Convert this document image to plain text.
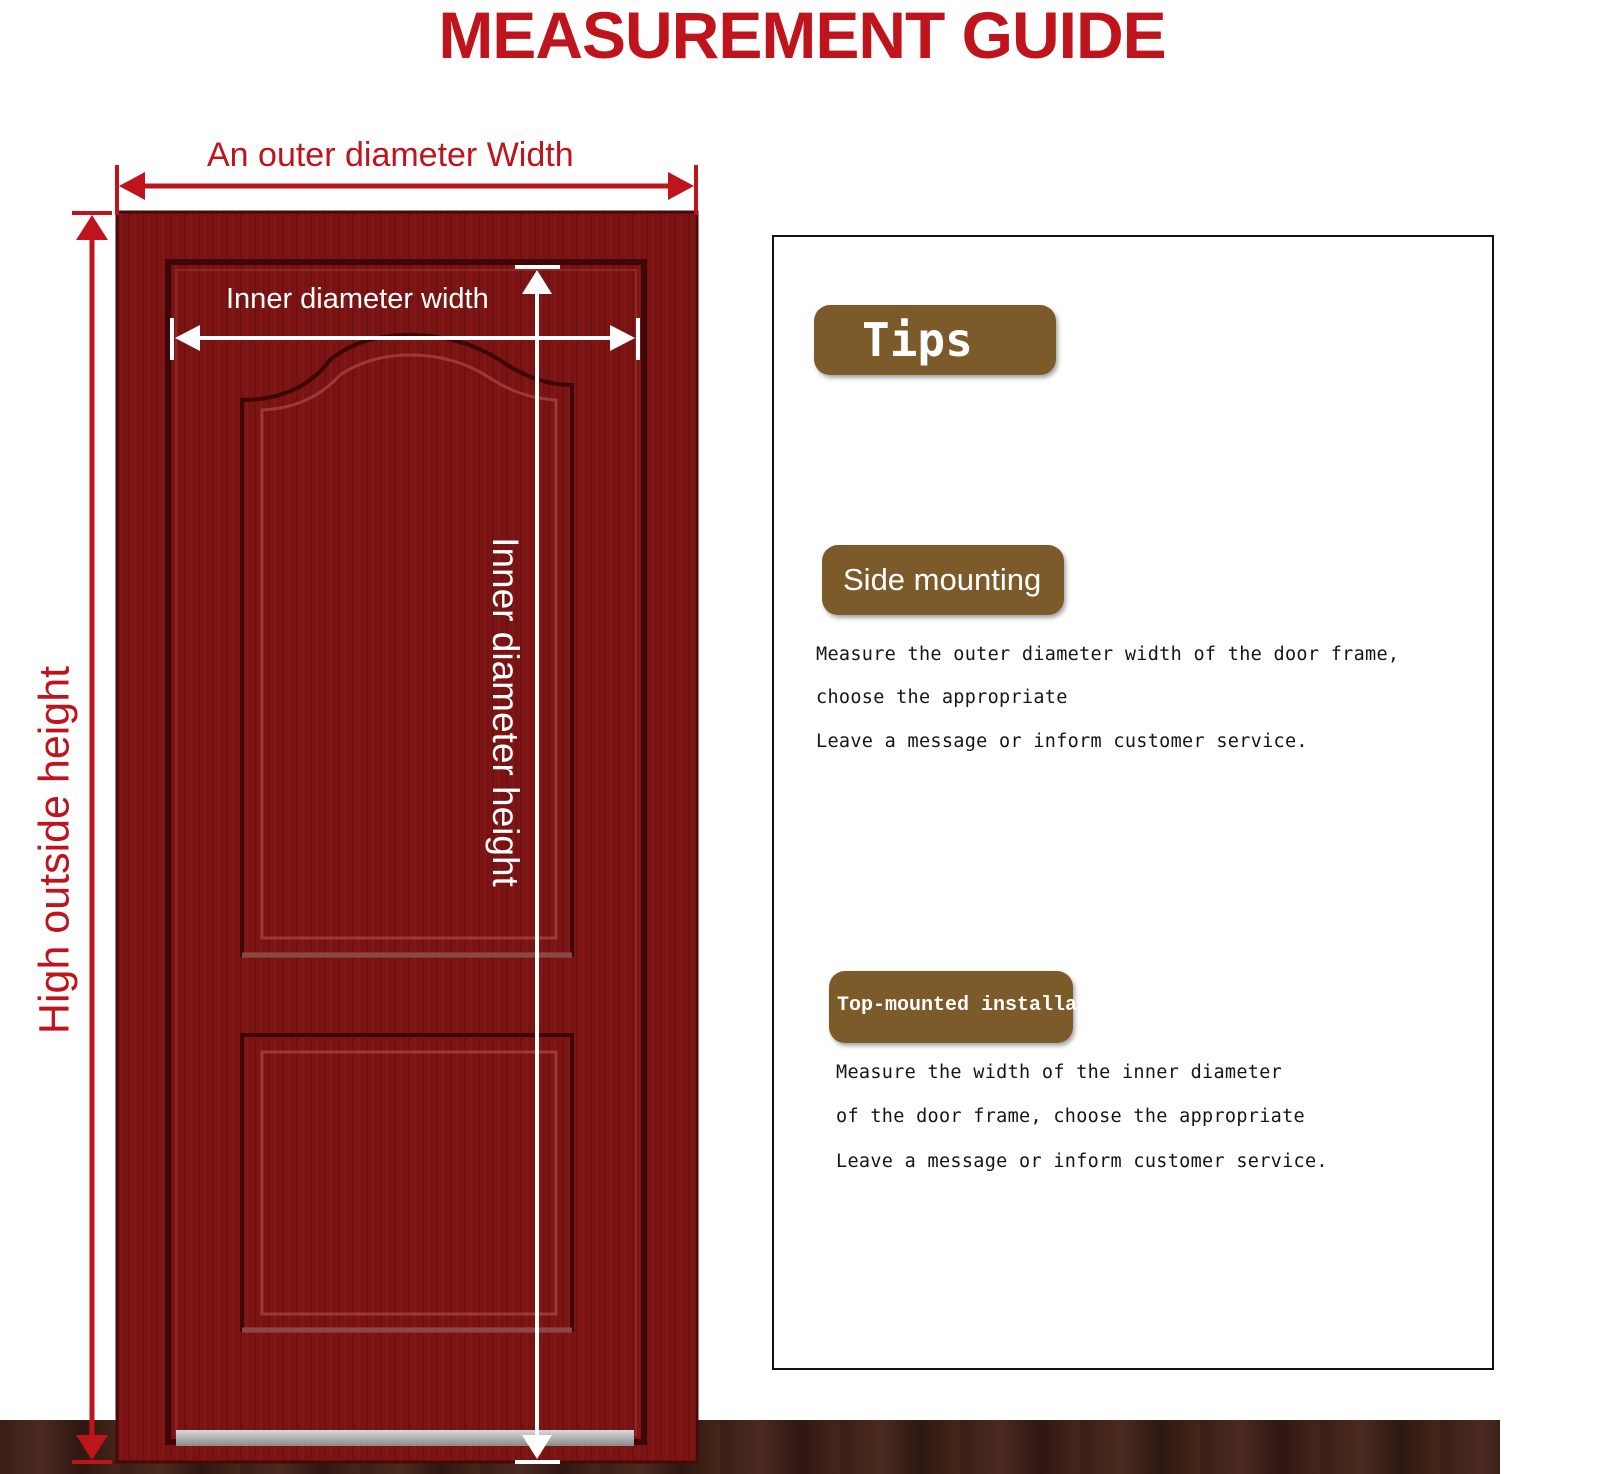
MEASUREMENT GUIDE
An outer diameter Width
Inner diameter width
Inner diameter height
High outside height
Tips
Side mounting
Measure the outer diameter width of the door frame,
choose the appropriate
Leave a message or inform customer service.
Top-mounted installation
Measure the width of the inner diameter
of the door frame, choose the appropriate
Leave a message or inform customer service.
